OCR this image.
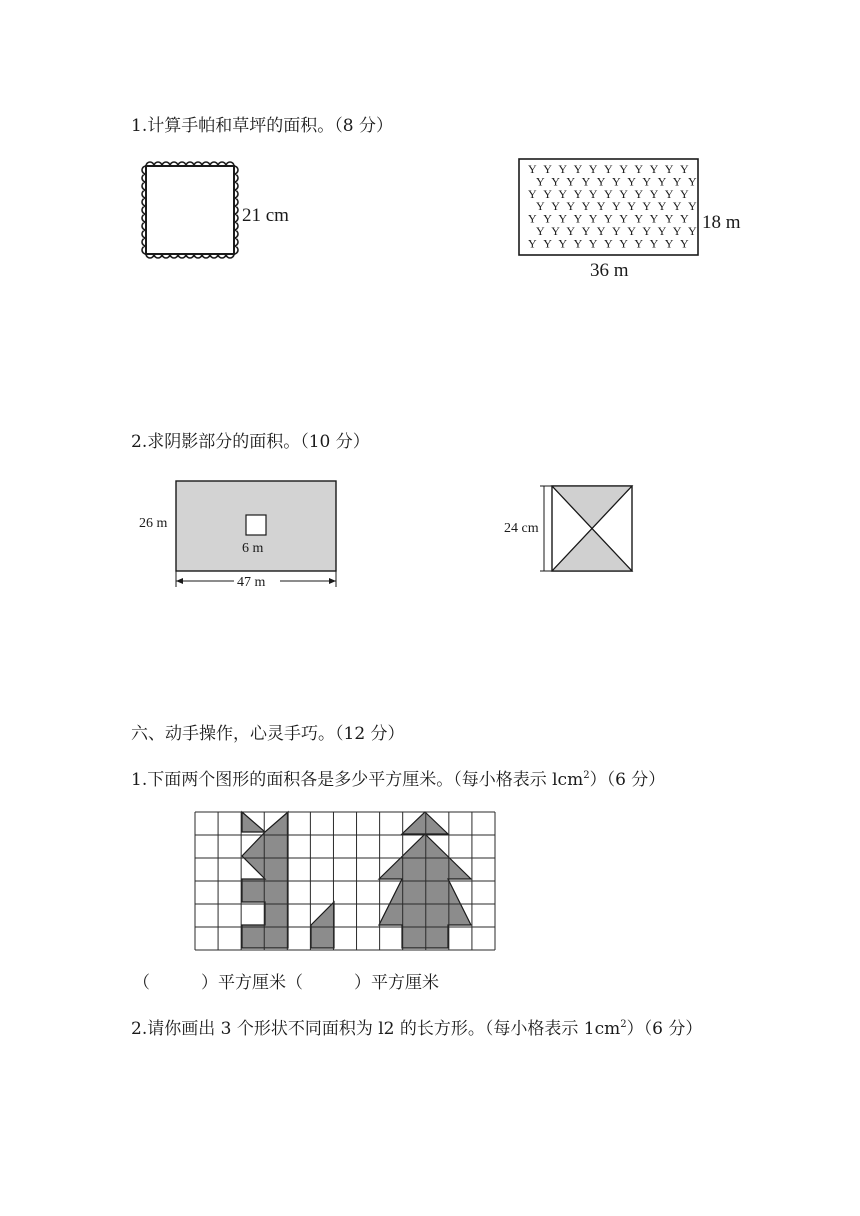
1.计算手帕和草坪的面积。（8 分）
21 cm
Y Y Y Y Y Y Y Y Y Y Y
Y Y Y Y Y Y Y Y Y Y Y
Y Y Y Y Y Y Y Y Y Y Y
Y Y Y Y Y Y Y Y Y Y Y
Y Y Y Y Y Y Y Y Y Y Y
Y Y Y Y Y Y Y Y Y Y Y
Y Y Y Y Y Y Y Y Y Y Y
18 m
36 m
2.求阴影部分的面积。（10 分）
6 m
26 m
47 m
24 cm
六、动手操作，心灵手巧。（12 分）
1.下面两个图形的面积各是多少平方厘米。（每小格表示 lcm$^2$）（6 分）
（　　　）平方厘米（　　　）平方厘米
2.请你画出 3 个形状不同面积为 l2 的长方形。（每小格表示 $1cm^2)(6$ 分）
